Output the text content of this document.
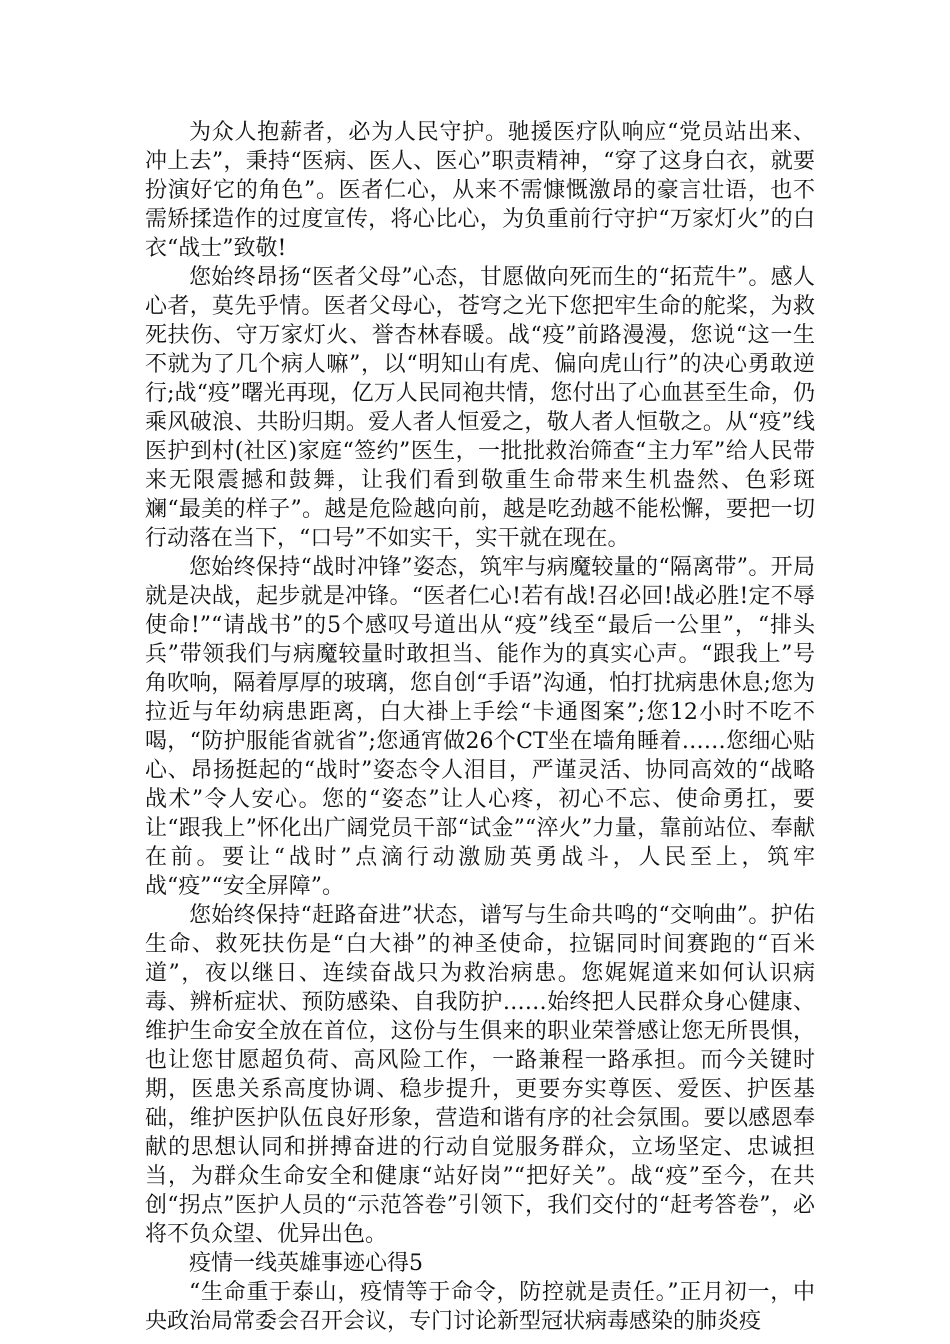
为众人抱薪者，必为人民守护。驰援医疗队响应“党员站出来、冲上去”，秉持“医病、医人、医心”职责精神，“穿了这身白衣，就要扮演好它的角色”。医者仁心，从来不需慷慨激昂的豪言壮语，也不需矫揉造作的过度宣传，将心比心，为负重前行守护“万家灯火”的白衣“战士”致敬!

您始终昂扬“医者父母”心态，甘愿做向死而生的“拓荒牛”。感人心者，莫先乎情。医者父母心，苍穹之光下您把牢生命的舵桨，为救死扶伤、守万家灯火、誉杏林春暖。战“疫”前路漫漫，您说“这一生不就为了几个病人嘛”，以“明知山有虎、偏向虎山行”的决心勇敢逆行;战“疫”曙光再现，亿万人民同袍共情，您付出了心血甚至生命，仍乘风破浪、共盼归期。爱人者人恒爱之，敬人者人恒敬之。从“疫”线医护到村(社区)家庭“签约”医生，一批批救治筛查“主力军”给人民带来无限震撼和鼓舞，让我们看到敬重生命带来生机盎然、色彩斑斓“最美的样子”。越是危险越向前，越是吃劲越不能松懈，要把一切行动落在当下，“口号”不如实干，实干就在现在。

您始终保持“战时冲锋”姿态，筑牢与病魔较量的“隔离带”。开局就是决战，起步就是冲锋。“医者仁心!若有战!召必回!战必胜!定不辱使命!”“请战书”的5个感叹号道出从“疫”线至“最后一公里”，“排头兵”带领我们与病魔较量时敢担当、能作为的真实心声。“跟我上”号角吹响，隔着厚厚的玻璃，您自创“手语”沟通，怕打扰病患休息;您为拉近与年幼病患距离，白大褂上手绘“卡通图案”;您12小时不吃不喝，“防护服能省就省”;您通宵做26个CT坐在墙角睡着……您细心贴心、昂扬挺起的“战时”姿态令人泪目，严谨灵活、协同高效的“战略战术”令人安心。您的“姿态”让人心疼，初心不忘、使命勇扛，要让“跟我上”怀化出广阔党员干部“试金”“淬火”力量，靠前站位、奉献在前。要让“战时”点滴行动激励英勇战斗，人民至上，筑牢战“疫”“安全屏障”。

您始终保持“赶路奋进”状态，谱写与生命共鸣的“交响曲”。护佑生命、救死扶伤是“白大褂”的神圣使命，拉锯同时间赛跑的“百米道”，夜以继日、连续奋战只为救治病患。您娓娓道来如何认识病毒、辨析症状、预防感染、自我防护……始终把人民群众身心健康、维护生命安全放在首位，这份与生俱来的职业荣誉感让您无所畏惧，也让您甘愿超负荷、高风险工作，一路兼程一路承担。而今关键时期，医患关系高度协调、稳步提升，更要夯实尊医、爱医、护医基础，维护医护队伍良好形象，营造和谐有序的社会氛围。要以感恩奉献的思想认同和拼搏奋进的行动自觉服务群众，立场坚定、忠诚担当，为群众生命安全和健康“站好岗”“把好关”。战“疫”至今，在共创“拐点”医护人员的“示范答卷”引领下，我们交付的“赶考答卷”，必将不负众望、优异出色。

疫情一线英雄事迹心得5

“生命重于泰山，疫情等于命令，防控就是责任。”正月初一，中央政治局常委会召开会议，专门讨论新型冠状病毒感染的肺炎疫
